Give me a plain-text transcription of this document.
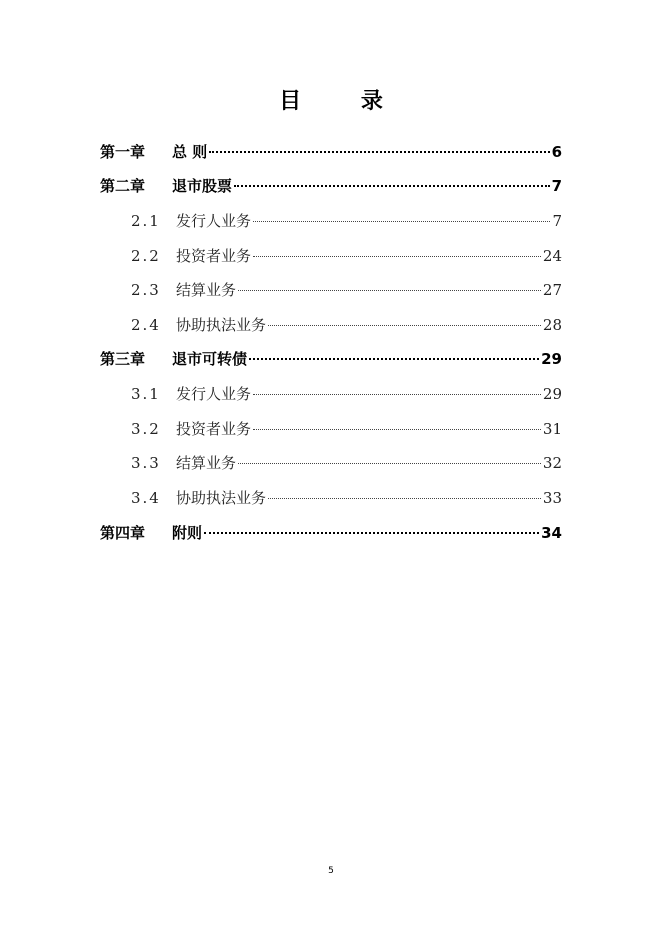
目 录
第一章	总 则	6
第二章	退市股票	7
2.1	发行人业务	7
2.2	投资者业务	24
2.3	结算业务	27
2.4	协助执法业务	28
第三章	退市可转债	29
3.1	发行人业务	29
3.2	投资者业务	31
3.3	结算业务	32
3.4	协助执法业务	33
第四章	附则	34
5
